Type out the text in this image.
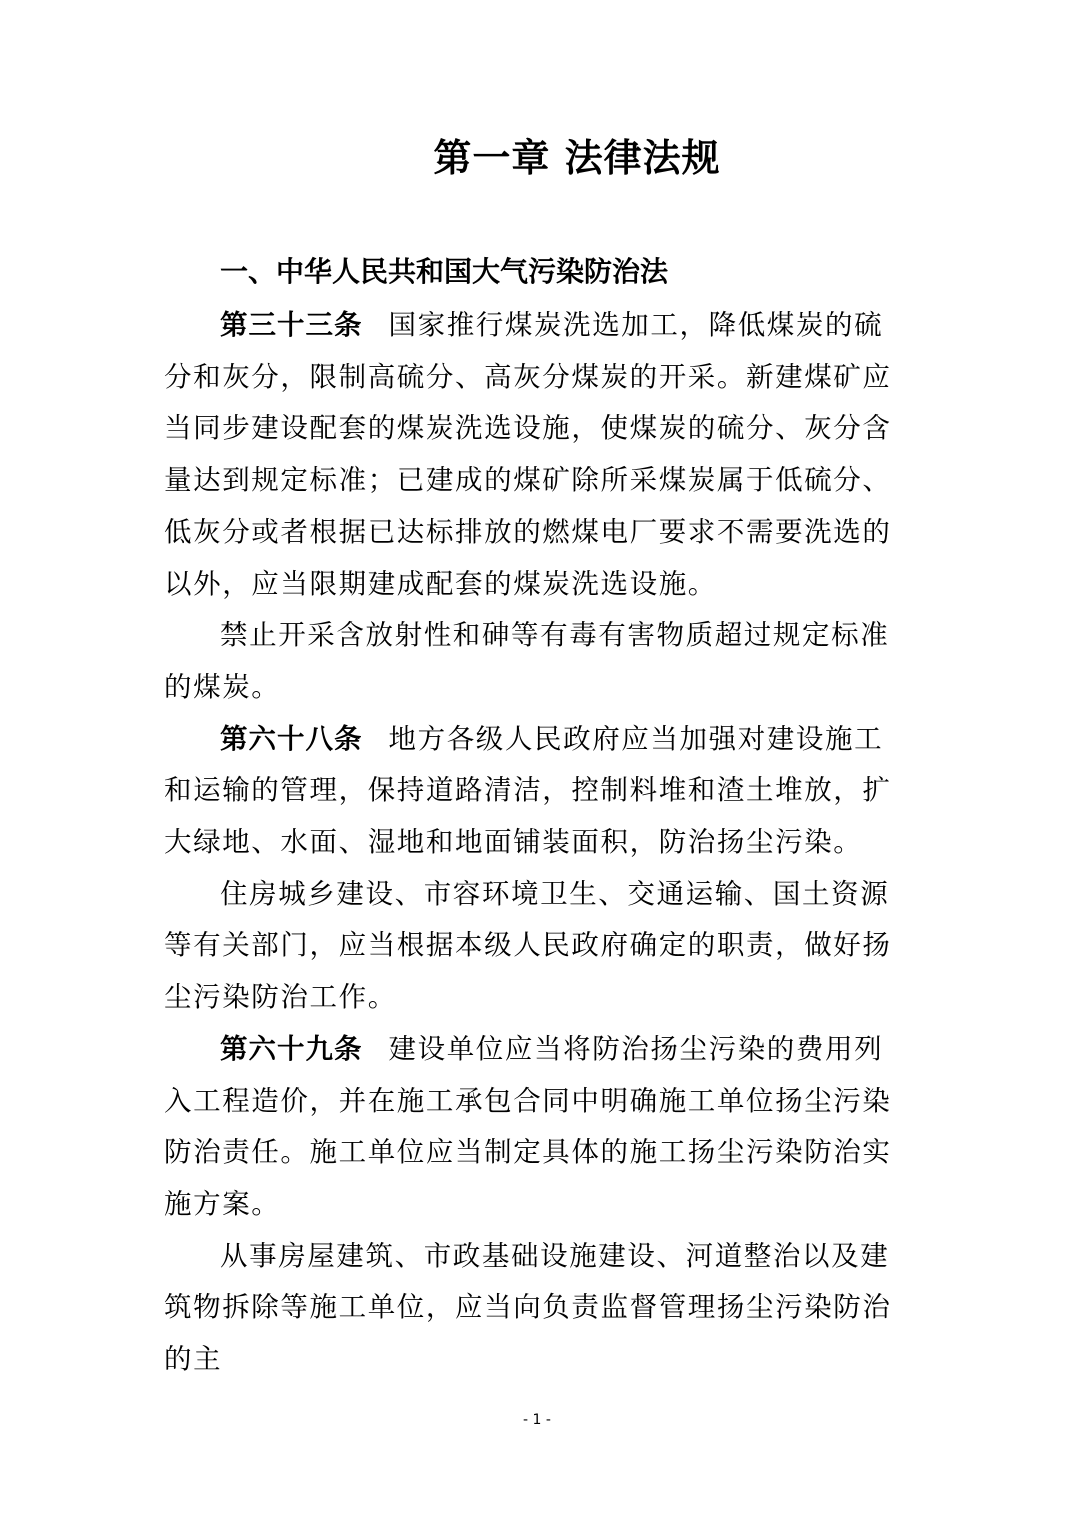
第一章 法律法规
一、中华人民共和国大气污染防治法

第三十三条 国家推行煤炭洗选加工，降低煤炭的硫分和灰分，限制高硫分、高灰分煤炭的开采。新建煤矿应当同步建设配套的煤炭洗选设施，使煤炭的硫分、灰分含量达到规定标准；已建成的煤矿除所采煤炭属于低硫分、低灰分或者根据已达标排放的燃煤电厂要求不需要洗选的以外，应当限期建成配套的煤炭洗选设施。

禁止开采含放射性和砷等有毒有害物质超过规定标准的煤炭。

第六十八条 地方各级人民政府应当加强对建设施工和运输的管理，保持道路清洁，控制料堆和渣土堆放，扩大绿地、水面、湿地和地面铺装面积，防治扬尘污染。

住房城乡建设、市容环境卫生、交通运输、国土资源等有关部门，应当根据本级人民政府确定的职责，做好扬尘污染防治工作。

第六十九条 建设单位应当将防治扬尘污染的费用列入工程造价，并在施工承包合同中明确施工单位扬尘污染防治责任。施工单位应当制定具体的施工扬尘污染防治实施方案。

从事房屋建筑、市政基础设施建设、河道整治以及建筑物拆除等施工单位，应当向负责监督管理扬尘污染防治的主

- 1 -
